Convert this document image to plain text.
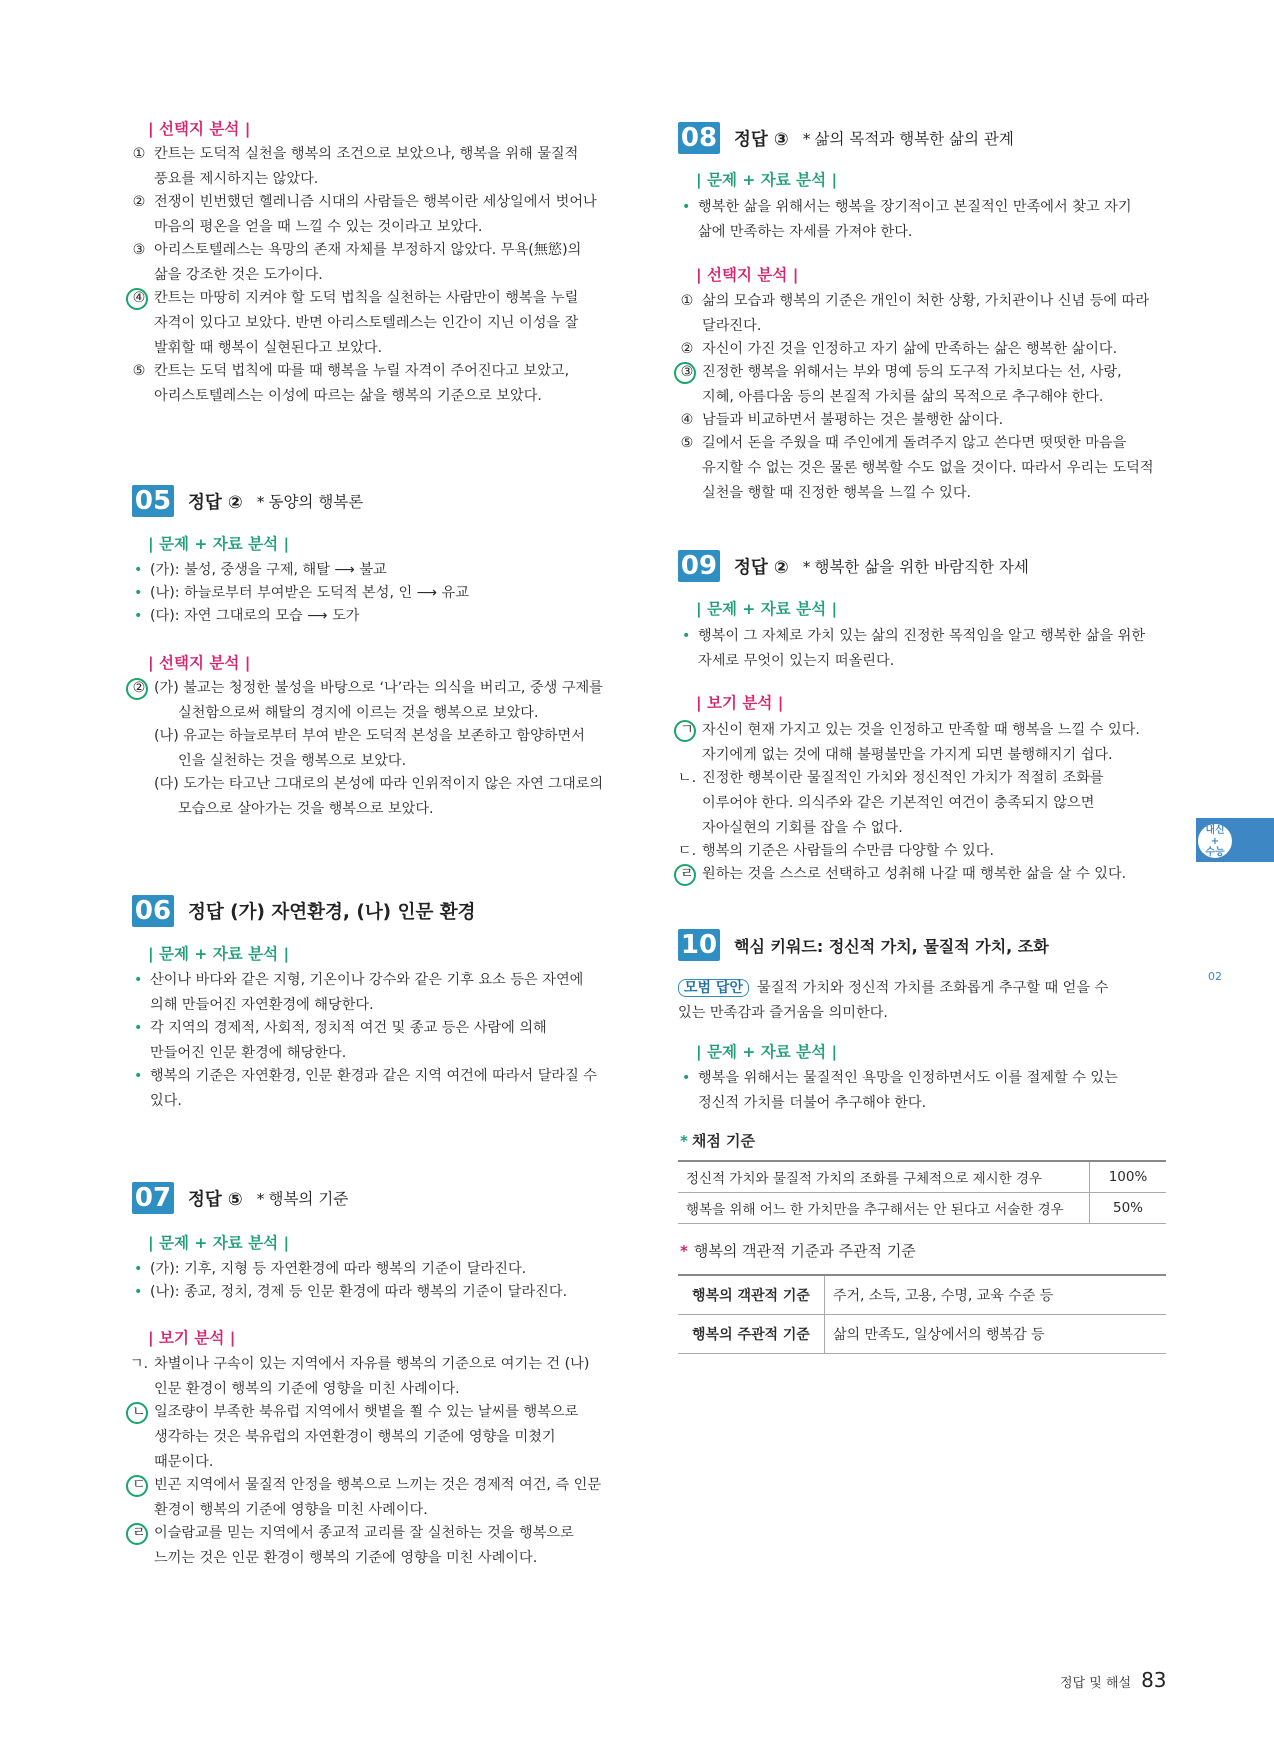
| 선택지 분석 |
① 칸트는 도덕적 실천을 행복의 조건으로 보았으나, 행복을 위해 물질적
풍요를 제시하지는 않았다.
② 전쟁이 빈번했던 헬레니즘 시대의 사람들은 행복이란 세상일에서 벗어나
마음의 평온을 얻을 때 느낄 수 있는 것이라고 보았다.
③ 아리스토텔레스는 욕망의 존재 자체를 부정하지 않았다. 무욕(無慾)의
삶을 강조한 것은 도가이다.
④ 칸트는 마땅히 지켜야 할 도덕 법칙을 실천하는 사람만이 행복을 누릴
자격이 있다고 보았다. 반면 아리스토텔레스는 인간이 지닌 이성을 잘
발휘할 때 행복이 실현된다고 보았다.
⑤ 칸트는 도덕 법칙에 따를 때 행복을 누릴 자격이 주어진다고 보았고,
아리스토텔레스는 이성에 따르는 삶을 행복의 기준으로 보았다.
05 정답 ② * 동양의 행복론
| 문제 + 자료 분석 |
• (가): 불성, 중생을 구제, 해탈 ⟶ 불교
• (나): 하늘로부터 부여받은 도덕적 본성, 인 ⟶ 유교
• (다): 자연 그대로의 모습 ⟶ 도가
| 선택지 분석 |
② (가) 불교는 청정한 불성을 바탕으로 ‘나’라는 의식을 버리고, 중생 구제를
실천함으로써 해탈의 경지에 이르는 것을 행복으로 보았다.
(나) 유교는 하늘로부터 부여 받은 도덕적 본성을 보존하고 함양하면서
인을 실천하는 것을 행복으로 보았다.
(다) 도가는 타고난 그대로의 본성에 따라 인위적이지 않은 자연 그대로의
모습으로 살아가는 것을 행복으로 보았다.
06 정답 (가) 자연환경, (나) 인문 환경
| 문제 + 자료 분석 |
• 산이나 바다와 같은 지형, 기온이나 강수와 같은 기후 요소 등은 자연에
의해 만들어진 자연환경에 해당한다.
• 각 지역의 경제적, 사회적, 정치적 여건 및 종교 등은 사람에 의해
만들어진 인문 환경에 해당한다.
• 행복의 기준은 자연환경, 인문 환경과 같은 지역 여건에 따라서 달라질 수
있다.
07 정답 ⑤ * 행복의 기준
| 문제 + 자료 분석 |
• (가): 기후, 지형 등 자연환경에 따라 행복의 기준이 달라진다.
• (나): 종교, 정치, 경제 등 인문 환경에 따라 행복의 기준이 달라진다.
| 보기 분석 |
ㄱ. 차별이나 구속이 있는 지역에서 자유를 행복의 기준으로 여기는 건 (나)
인문 환경이 행복의 기준에 영향을 미친 사례이다.
ㄴ 일조량이 부족한 북유럽 지역에서 햇볕을 쬘 수 있는 날씨를 행복으로
생각하는 것은 북유럽의 자연환경이 행복의 기준에 영향을 미쳤기
때문이다.
ㄷ 빈곤 지역에서 물질적 안정을 행복으로 느끼는 것은 경제적 여건, 즉 인문
환경이 행복의 기준에 영향을 미친 사례이다.
ㄹ 이슬람교를 믿는 지역에서 종교적 교리를 잘 실천하는 것을 행복으로
느끼는 것은 인문 환경이 행복의 기준에 영향을 미친 사례이다.
08 정답 ③ * 삶의 목적과 행복한 삶의 관계
| 문제 + 자료 분석 |
• 행복한 삶을 위해서는 행복을 장기적이고 본질적인 만족에서 찾고 자기
삶에 만족하는 자세를 가져야 한다.
| 선택지 분석 |
① 삶의 모습과 행복의 기준은 개인이 처한 상황, 가치관이나 신념 등에 따라
달라진다.
② 자신이 가진 것을 인정하고 자기 삶에 만족하는 삶은 행복한 삶이다.
③ 진정한 행복을 위해서는 부와 명예 등의 도구적 가치보다는 선, 사랑,
지혜, 아름다움 등의 본질적 가치를 삶의 목적으로 추구해야 한다.
④ 남들과 비교하면서 불평하는 것은 불행한 삶이다.
⑤ 길에서 돈을 주웠을 때 주인에게 돌려주지 않고 쓴다면 떳떳한 마음을
유지할 수 없는 것은 물론 행복할 수도 없을 것이다. 따라서 우리는 도덕적
실천을 행할 때 진정한 행복을 느낄 수 있다.
09 정답 ② * 행복한 삶을 위한 바람직한 자세
| 문제 + 자료 분석 |
• 행복이 그 자체로 가치 있는 삶의 진정한 목적임을 알고 행복한 삶을 위한
자세로 무엇이 있는지 떠올린다.
| 보기 분석 |
ㄱ 자신이 현재 가지고 있는 것을 인정하고 만족할 때 행복을 느낄 수 있다.
자기에게 없는 것에 대해 불평불만을 가지게 되면 불행해지기 쉽다.
ㄴ. 진정한 행복이란 물질적인 가치와 정신적인 가치가 적절히 조화를
이루어야 한다. 의식주와 같은 기본적인 여건이 충족되지 않으면
자아실현의 기회를 잡을 수 없다.
ㄷ. 행복의 기준은 사람들의 수만큼 다양할 수 있다.
ㄹ 원하는 것을 스스로 선택하고 성취해 나갈 때 행복한 삶을 살 수 있다.
10 핵심 키워드: 정신적 가치, 물질적 가치, 조화
모범 답안 물질적 가치와 정신적 가치를 조화롭게 추구할 때 얻을 수
있는 만족감과 즐거움을 의미한다.
| 문제 + 자료 분석 |
• 행복을 위해서는 물질적인 욕망을 인정하면서도 이를 절제할 수 있는
정신적 가치를 더불어 추구해야 한다.
* 채점 기준
정신적 가치와 물질적 가치의 조화를 구체적으로 제시한 경우	100%
행복을 위해 어느 한 가치만을 추구해서는 안 된다고 서술한 경우	50%
* 행복의 객관적 기준과 주관적 기준
행복의 객관적 기준	주거, 소득, 고용, 수명, 교육 수준 등
행복의 주관적 기준	삶의 만족도, 일상에서의 행복감 등
내신
+
수능
02
정답 및 해설 83
